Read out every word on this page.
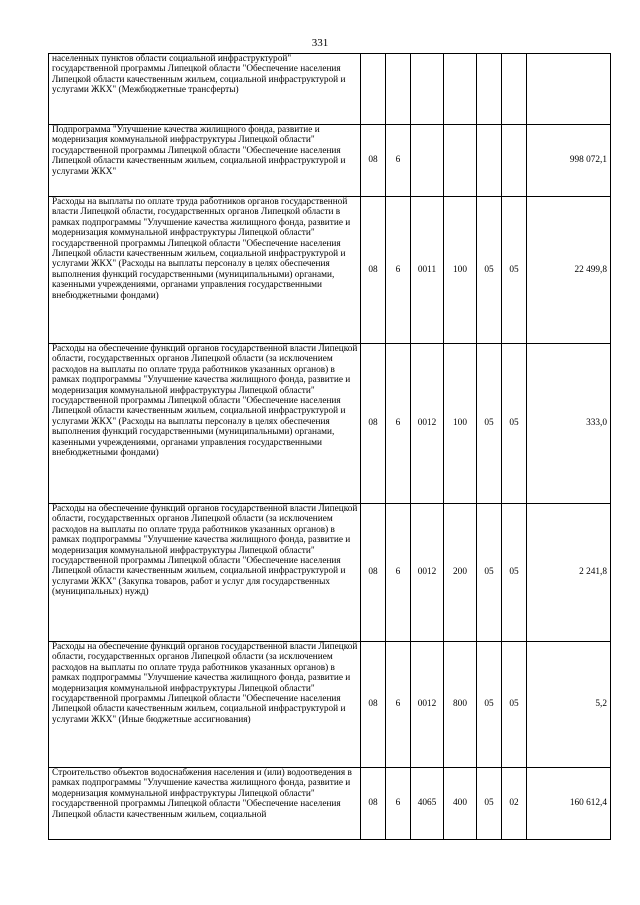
331
населенных пунктов области социальной инфраструктурой" государственной программы Липецкой области "Обеспечение населения Липецкой области качественным жильем, социальной инфраструктурой и услугами ЖКХ" (Межбюджетные трансферты)							
Подпрограмма "Улучшение качества жилищного фонда, развитие и модернизация коммунальной инфраструктуры Липецкой области" государственной программы Липецкой области "Обеспечение населения Липецкой области качественным жильем, социальной инфраструктурой и услугами ЖКХ"	08	6					998 072,1
Расходы на выплаты по оплате труда работников органов государственной власти Липецкой области, государственных органов Липецкой области в рамках подпрограммы "Улучшение качества жилищного фонда, развитие и модернизация коммунальной инфраструктуры Липецкой области" государственной программы Липецкой области "Обеспечение населения Липецкой области качественным жильем, социальной инфраструктурой и услугами ЖКХ" (Расходы на выплаты персоналу в целях обеспечения выполнения функций государственными (муниципальными) органами, казенными учреждениями, органами управления государственными внебюджетными фондами)	08	6	0011	100	05	05	22 499,8
Расходы на обеспечение функций органов государственной власти Липецкой области, государственных органов Липецкой области (за исключением расходов на выплаты по оплате труда работников указанных органов) в рамках подпрограммы "Улучшение качества жилищного фонда, развитие и модернизация коммунальной инфраструктуры Липецкой области" государственной программы Липецкой области "Обеспечение населения Липецкой области качественным жильем, социальной инфраструктурой и услугами ЖКХ" (Расходы на выплаты персоналу в целях обеспечения выполнения функций государственными (муниципальными) органами, казенными учреждениями, органами управления государственными внебюджетными фондами)	08	6	0012	100	05	05	333,0
Расходы на обеспечение функций органов государственной власти Липецкой области, государственных органов Липецкой области (за исключением расходов на выплаты по оплате труда работников указанных органов) в рамках подпрограммы "Улучшение качества жилищного фонда, развитие и модернизация коммунальной инфраструктуры Липецкой области" государственной программы Липецкой области "Обеспечение населения Липецкой области качественным жильем, социальной инфраструктурой и услугами ЖКХ" (Закупка товаров, работ и услуг для государственных (муниципальных) нужд)	08	6	0012	200	05	05	2 241,8
Расходы на обеспечение функций органов государственной власти Липецкой области, государственных органов Липецкой области (за исключением расходов на выплаты по оплате труда работников указанных органов) в рамках подпрограммы "Улучшение качества жилищного фонда, развитие и модернизация коммунальной инфраструктуры Липецкой области" государственной программы Липецкой области "Обеспечение населения Липецкой области качественным жильем, социальной инфраструктурой и услугами ЖКХ" (Иные бюджетные ассигнования)	08	6	0012	800	05	05	5,2
Строительство объектов водоснабжения населения и (или) водоотведения в рамках подпрограммы "Улучшение качества жилищного фонда, развитие и модернизация коммунальной инфраструктуры Липецкой области" государственной программы Липецкой области "Обеспечение населения Липецкой области качественным жильем, социальной	08	6	4065	400	05	02	160 612,4
